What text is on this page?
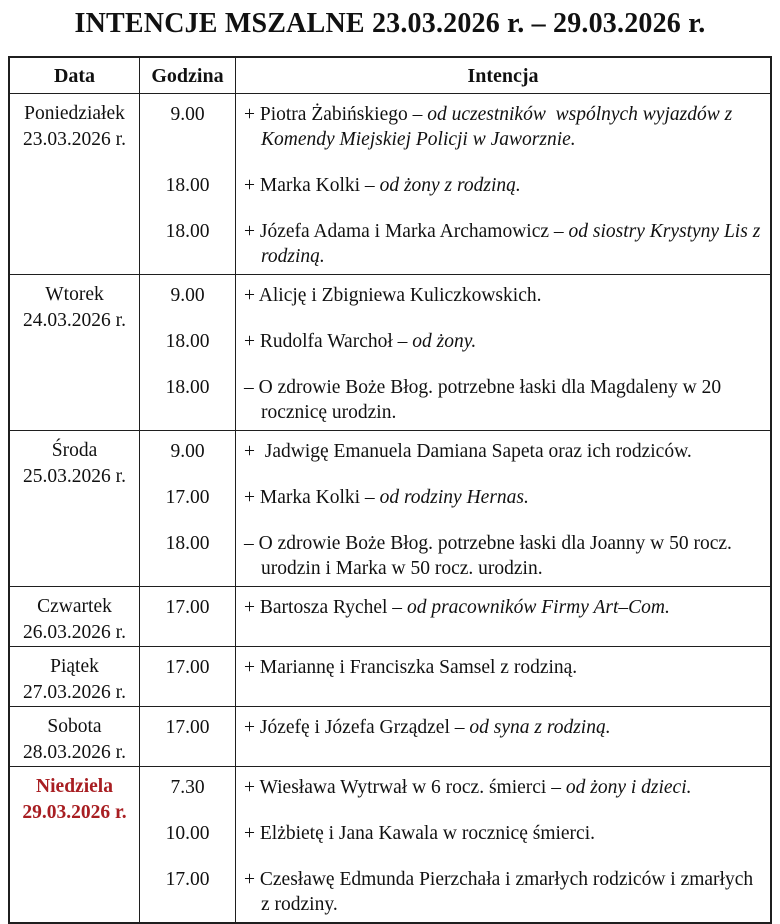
INTENCJE MSZALNE 23.03.2026 r. – 29.03.2026 r.
Data	Godzina	Intencja
Poniedziałek
23.03.2026 r.
9.00	+ Piotra Żabińskiego – od uczestników  wspólnych wyjazdów z Komendy Miejskiej Policji w Jaworznie.
18.00	+ Marka Kolki – od żony z rodziną.
18.00	+ Józefa Adama i Marka Archamowicz – od siostry Krystyny Lis z rodziną.
Wtorek
24.03.2026 r.
9.00	+ Alicję i Zbigniewa Kuliczkowskich.
18.00	+ Rudolfa Warchoł – od żony.
18.00	– O zdrowie Boże Błog. potrzebne łaski dla Magdaleny w 20 rocznicę urodzin.
Środa
25.03.2026 r.
9.00	+  Jadwigę Emanuela Damiana Sapeta oraz ich rodziców.
17.00	+ Marka Kolki – od rodziny Hernas.
18.00	– O zdrowie Boże Błog. potrzebne łaski dla Joanny w 50 rocz. urodzin i Marka w 50 rocz. urodzin.
Czwartek
26.03.2026 r.
17.00	+ Bartosza Rychel – od pracowników Firmy Art–Com.
Piątek
27.03.2026 r.
17.00	+ Mariannę i Franciszka Samsel z rodziną.
Sobota
28.03.2026 r.
17.00	+ Józefę i Józefa Grządzel – od syna z rodziną.
Niedziela
29.03.2026 r.
7.30	+ Wiesława Wytrwał w 6 rocz. śmierci – od żony i dzieci.
10.00	+ Elżbietę i Jana Kawala w rocznicę śmierci.
17.00	+ Czesławę Edmunda Pierzchała i zmarłych rodziców i zmarłych z rodziny.
